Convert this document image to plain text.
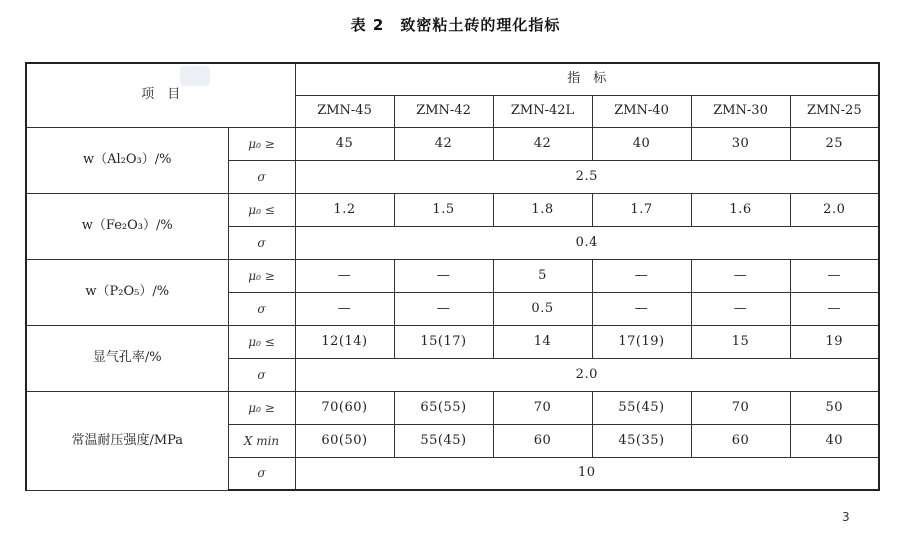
表 2　致密粘土砖的理化指标
项　目		指　标					
		ZMN-45	ZMN-42	ZMN-42L	ZMN-40	ZMN-30	ZMN-25
w（Al₂O₃）/%	μ₀ ≥	45	42	42	40	30	25
	σ	2.5					
w（Fe₂O₃）/%	μ₀ ≤	1.2	1.5	1.8	1.7	1.6	2.0
	σ	0.4					
w（P₂O₅）/%	μ₀ ≥	—	—	5	—	—	—
	σ	—	—	0.5	—	—	—
显气孔率/%	μ₀ ≤	12(14)	15(17)	14	17(19)	15	19
	σ	2.0					
常温耐压强度/MPa	μ₀ ≥	70(60)	65(55)	70	55(45)	70	50
	X min	60(50)	55(45)	60	45(35)	60	40
	σ	10					
3
